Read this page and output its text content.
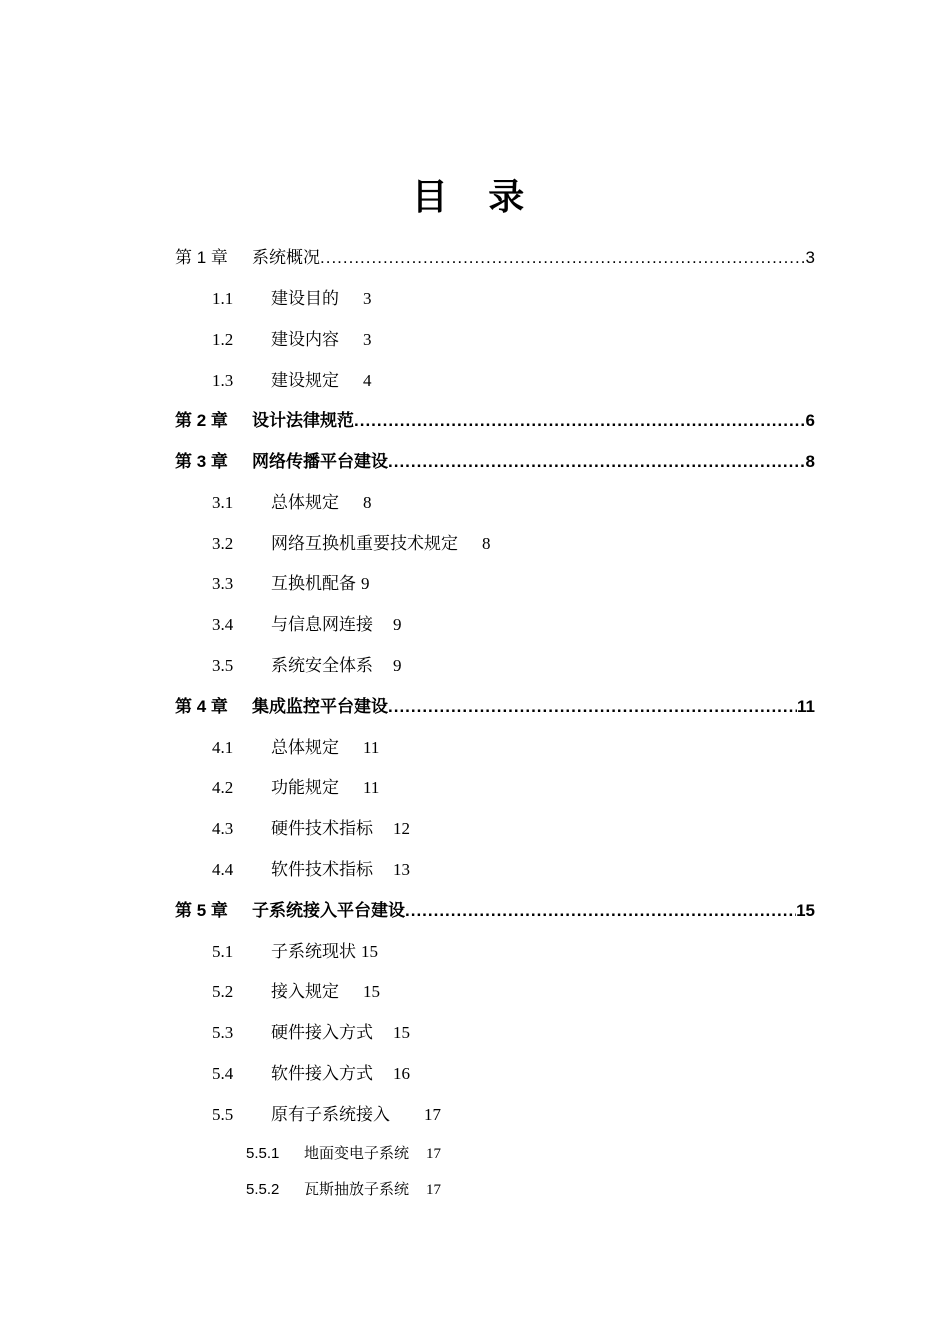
目 录
第 1 章	系统概况 .....	3
1.1	建设目的 3
1.2	建设内容 3
1.3	建设规定 4
第 2 章	设计法律规范 .....	6
第 3 章	网络传播平台建设 .....	8
3.1	总体规定 8
3.2	网络互换机重要技术规定 8
3.3	互换机配备 9
3.4	与信息网连接 9
3.5	系统安全体系 9
第 4 章	集成监控平台建设 .....	11
4.1	总体规定 11
4.2	功能规定 11
4.3	硬件技术指标 12
4.4	软件技术指标 13
第 5 章	子系统接入平台建设 .....	15
5.1	子系统现状 15
5.2	接入规定 15
5.3	硬件接入方式 15
5.4	软件接入方式 16
5.5	原有子系统接入 17
5.5.1	地面变电子系统 17
5.5.2	瓦斯抽放子系统 17
